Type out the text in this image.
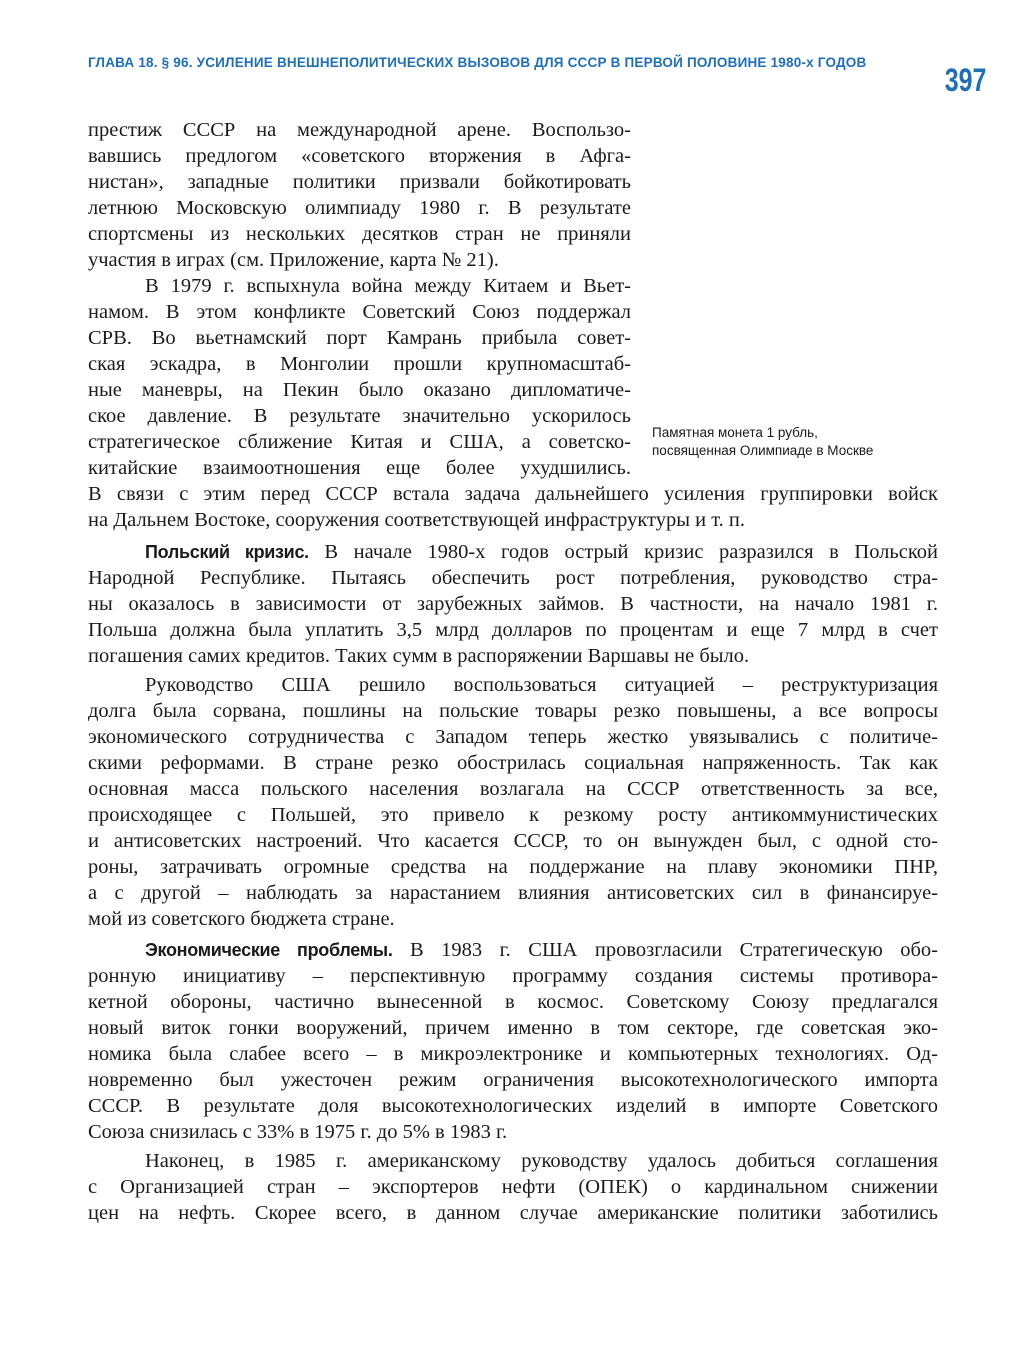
ГЛАВА 18. § 96. УСИЛЕНИЕ ВНЕШНЕПОЛИТИЧЕСКИХ ВЫЗОВОВ ДЛЯ СССР В ПЕРВОЙ ПОЛОВИНЕ 1980-х ГОДОВ 397
Памятная монета 1 рубль,
посвященная Олимпиаде в Москве
престиж СССР на международной арене. Воспользо-
вавшись предлогом «советского вторжения в Афга-
нистан», западные политики призвали бойкотировать
летнюю Московскую олимпиаду 1980 г. В результате
спортсмены из нескольких десятков стран не приняли
участия в играх (см. Приложение, карта № 21).
В 1979 г. вспыхнула война между Китаем и Вьет-
намом. В этом конфликте Советский Союз поддержал
СРВ. Во вьетнамский порт Камрань прибыла совет-
ская эскадра, в Монголии прошли крупномасштаб-
ные маневры, на Пекин было оказано дипломатиче-
ское давление. В результате значительно ускорилось
стратегическое сближение Китая и США, а советско-
китайские взаимоотношения еще более ухудшились.
В связи с этим перед СССР встала задача дальнейшего усиления группировки войск
на Дальнем Востоке, сооружения соответствующей инфраструктуры и т. п.
Польский кризис. В начале 1980-х годов острый кризис разразился в Польской
Народной Республике. Пытаясь обеспечить рост потребления, руководство стра-
ны оказалось в зависимости от зарубежных займов. В частности, на начало 1981 г.
Польша должна была уплатить 3,5 млрд долларов по процентам и еще 7 млрд в счет
погашения самих кредитов. Таких сумм в распоряжении Варшавы не было.
Руководство США решило воспользоваться ситуацией – реструктуризация
долга была сорвана, пошлины на польские товары резко повышены, а все вопросы
экономического сотрудничества с Западом теперь жестко увязывались с политиче-
скими реформами. В стране резко обострилась социальная напряженность. Так как
основная масса польского населения возлагала на СССР ответственность за все,
происходящее с Польшей, это привело к резкому росту антикоммунистических
и антисоветских настроений. Что касается СССР, то он вынужден был, с одной сто-
роны, затрачивать огромные средства на поддержание на плаву экономики ПНР,
а с другой – наблюдать за нарастанием влияния антисоветских сил в финансируе-
мой из советского бюджета стране.
Экономические проблемы. В 1983 г. США провозгласили Стратегическую обо-
ронную инициативу – перспективную программу создания системы противора-
кетной обороны, частично вынесенной в космос. Советскому Союзу предлагался
новый виток гонки вооружений, причем именно в том секторе, где советская эко-
номика была слабее всего – в микроэлектронике и компьютерных технологиях. Од-
новременно был ужесточен режим ограничения высокотехнологического импорта
СССР. В результате доля высокотехнологических изделий в импорте Советского
Союза снизилась с 33% в 1975 г. до 5% в 1983 г.
Наконец, в 1985 г. американскому руководству удалось добиться соглашения
с Организацией стран – экспортеров нефти (ОПЕК) о кардинальном снижении
цен на нефть. Скорее всего, в данном случае американские политики заботились
